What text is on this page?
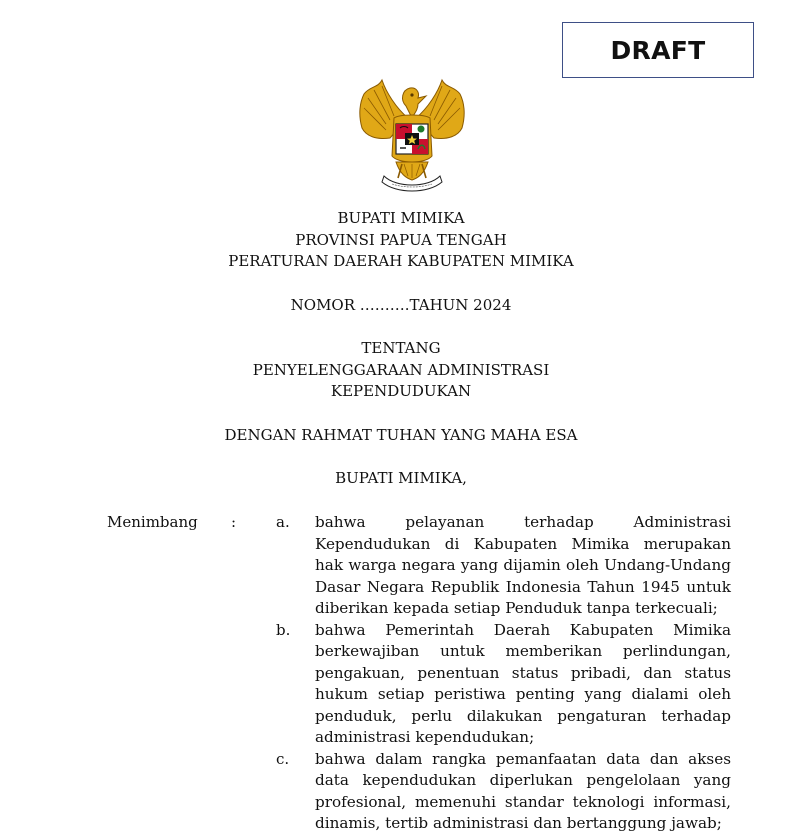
DRAFT
BUPATI MIMIKA
PROVINSI PAPUA TENGAH
PERATURAN DAERAH KABUPATEN MIMIKA
NOMOR ……….TAHUN 2024
TENTANG
PENYELENGGARAAN ADMINISTRASI
KEPENDUDUKAN
DENGAN RAHMAT TUHAN YANG MAHA ESA
BUPATI MIMIKA,
Menimbang :	a.	bahwa pelayanan terhadap Administrasi
Kependudukan di Kabupaten Mimika merupakan
hak warga negara yang dijamin oleh Undang-Undang
Dasar Negara Republik Indonesia Tahun 1945 untuk
diberikan kepada setiap Penduduk tanpa terkecuali;
b.	bahwa Pemerintah Daerah Kabupaten Mimika
berkewajiban untuk memberikan perlindungan,
pengakuan, penentuan status pribadi, dan status
hukum setiap peristiwa penting yang dialami oleh
penduduk, perlu dilakukan pengaturan terhadap
administrasi kependudukan;
c.	bahwa dalam rangka pemanfaatan data dan akses
data kependudukan diperlukan pengelolaan yang
profesional, memenuhi standar teknologi informasi,
dinamis, tertib administrasi dan bertanggung jawab;
